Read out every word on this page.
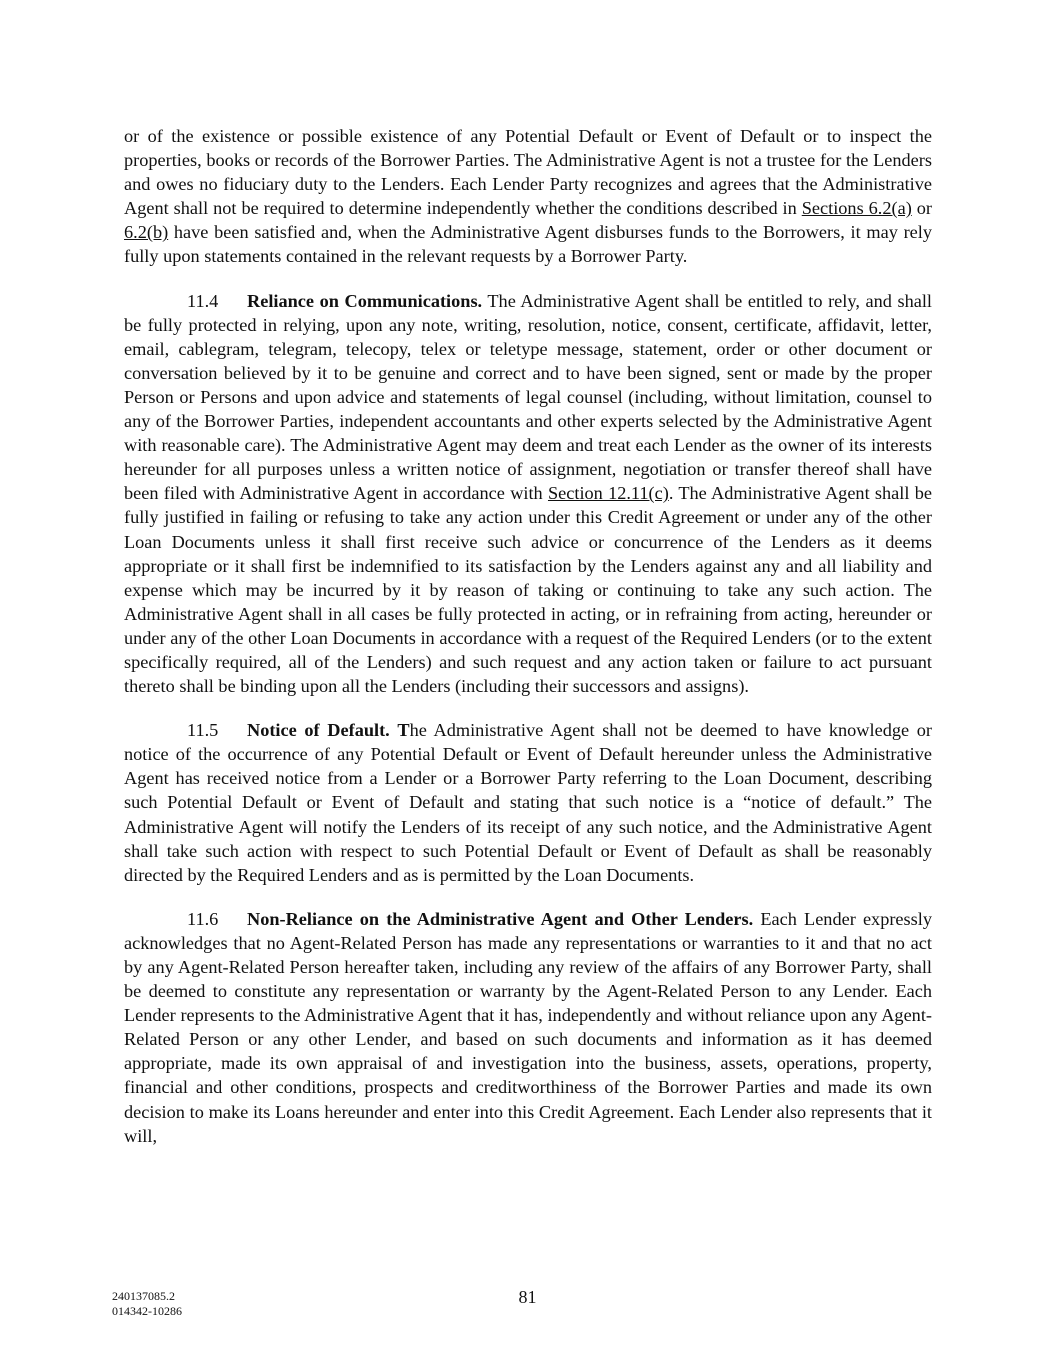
or of the existence or possible existence of any Potential Default or Event of Default or to inspect the properties, books or records of the Borrower Parties. The Administrative Agent is not a trustee for the Lenders and owes no fiduciary duty to the Lenders. Each Lender Party recognizes and agrees that the Administrative Agent shall not be required to determine independently whether the conditions described in Sections 6.2(a) or 6.2(b) have been satisfied and, when the Administrative Agent disburses funds to the Borrowers, it may rely fully upon statements contained in the relevant requests by a Borrower Party.

11.4 Reliance on Communications. The Administrative Agent shall be entitled to rely, and shall be fully protected in relying, upon any note, writing, resolution, notice, consent, certificate, affidavit, letter, email, cablegram, telegram, telecopy, telex or teletype message, statement, order or other document or conversation believed by it to be genuine and correct and to have been signed, sent or made by the proper Person or Persons and upon advice and statements of legal counsel (including, without limitation, counsel to any of the Borrower Parties, independent accountants and other experts selected by the Administrative Agent with reasonable care). The Administrative Agent may deem and treat each Lender as the owner of its interests hereunder for all purposes unless a written notice of assignment, negotiation or transfer thereof shall have been filed with Administrative Agent in accordance with Section 12.11(c). The Administrative Agent shall be fully justified in failing or refusing to take any action under this Credit Agreement or under any of the other Loan Documents unless it shall first receive such advice or concurrence of the Lenders as it deems appropriate or it shall first be indemnified to its satisfaction by the Lenders against any and all liability and expense which may be incurred by it by reason of taking or continuing to take any such action. The Administrative Agent shall in all cases be fully protected in acting, or in refraining from acting, hereunder or under any of the other Loan Documents in accordance with a request of the Required Lenders (or to the extent specifically required, all of the Lenders) and such request and any action taken or failure to act pursuant thereto shall be binding upon all the Lenders (including their successors and assigns).

11.5 Notice of Default. The Administrative Agent shall not be deemed to have knowledge or notice of the occurrence of any Potential Default or Event of Default hereunder unless the Administrative Agent has received notice from a Lender or a Borrower Party referring to the Loan Document, describing such Potential Default or Event of Default and stating that such notice is a “notice of default.” The Administrative Agent will notify the Lenders of its receipt of any such notice, and the Administrative Agent shall take such action with respect to such Potential Default or Event of Default as shall be reasonably directed by the Required Lenders and as is permitted by the Loan Documents.

11.6 Non-Reliance on the Administrative Agent and Other Lenders. Each Lender expressly acknowledges that no Agent-Related Person has made any representations or warranties to it and that no act by any Agent-Related Person hereafter taken, including any review of the affairs of any Borrower Party, shall be deemed to constitute any representation or warranty by the Agent-Related Person to any Lender. Each Lender represents to the Administrative Agent that it has, independently and without reliance upon any Agent-Related Person or any other Lender, and based on such documents and information as it has deemed appropriate, made its own appraisal of and investigation into the business, assets, operations, property, financial and other conditions, prospects and creditworthiness of the Borrower Parties and made its own decision to make its Loans hereunder and enter into this Credit Agreement. Each Lender also represents that it will,

240137085.2
014342-10286
81
